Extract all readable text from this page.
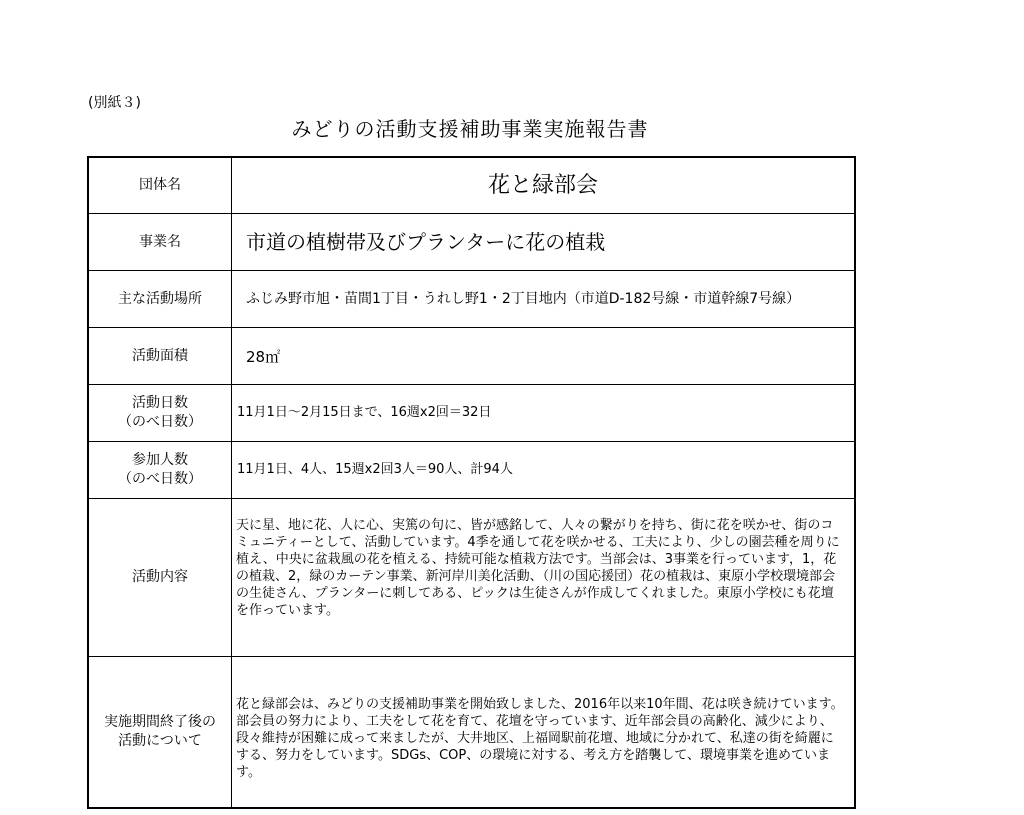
(別紙３)
みどりの活動支援補助事業実施報告書
団体名	花と緑部会
事業名	市道の植樹帯及びプランターに花の植栽
主な活動場所	ふじみ野市旭・苗間1丁目・うれし野1・2丁目地内（市道D-182号線・市道幹線7号線）
活動面積	28㎡

活動日数
（のべ日数）	11月1日～2月15日まで、16週x2回＝32日

参加人数
（のべ日数）	11月1日、4人、15週x2回3人＝90人、計94人
活動内容	天に星、地に花、人に心、実篤の句に、皆が感銘して、人々の繋がりを持ち、街に花を咲かせ、街のコミュニティーとして、活動しています。4季を通して花を咲かせる、工夫により、少しの園芸種を周りに植え、中央に盆栽風の花を植える、持続可能な植栽方法です。当部会は、3事業を行っています，1，花の植栽、2，緑のカーテン事業、新河岸川美化活動、（川の国応援団）花の植栽は、東原小学校環境部会の生徒さん、プランターに刺してある、ピックは生徒さんが作成してくれました。東原小学校にも花壇を作っています。

実施期間終了後の
活動について	花と緑部会は、みどりの支援補助事業を開始致しました、2016年以来10年間、花は咲き続けています。部会員の努力により、工夫をして花を育て、花壇を守っています、近年部会員の高齢化、減少により、段々維持が困難に成って来ましたが、大井地区、上福岡駅前花壇、地域に分かれて、私達の街を綺麗にする、努力をしています。SDGs、COP、の環境に対する、考え方を踏襲して、環境事業を進めています。
